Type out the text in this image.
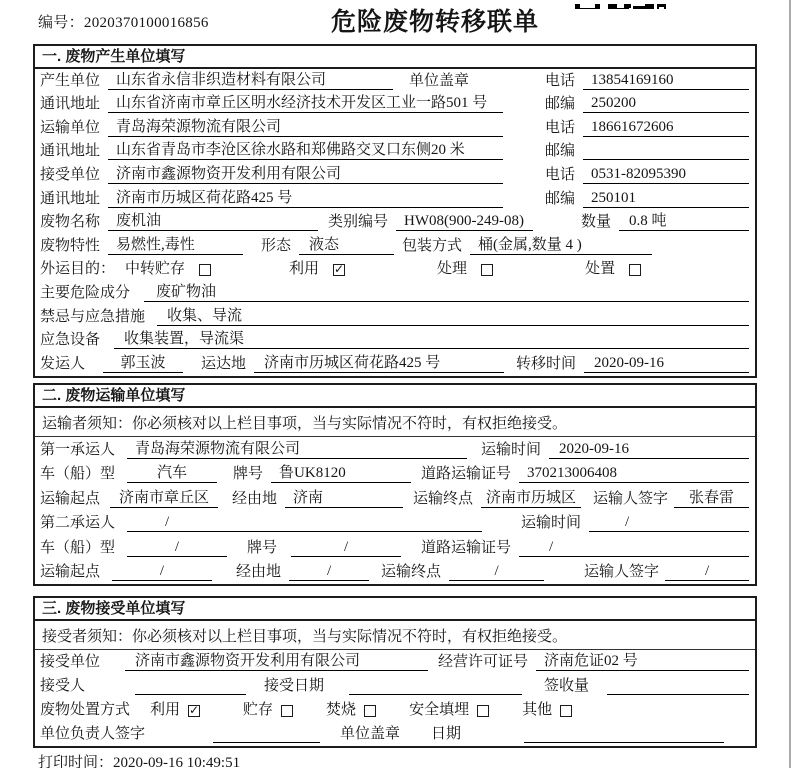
编号：2020370100016856	危险废物转移联单
一. 废物产生单位填写
产生单位	山东省永信非织造材料有限公司	单位盖章	电话	13854169160
通讯地址	山东省济南市章丘区明水经济技术开发区工业一路501 号	邮编	250200
运输单位	青岛海荣源物流有限公司	电话	18661672606
通讯地址	山东省青岛市李沧区徐水路和郑佛路交叉口东侧20 米	邮编
接受单位	济南市鑫源物资开发利用有限公司	电话	0531-82095390
通讯地址	济南市历城区荷花路425 号	邮编	250101
废物名称	废机油	类别编号	HW08(900-249-08)	数量	0.8 吨
废物特性	易燃性,毒性	形态	液态	包装方式	桶(金属,数量 4 )
外运目的： 中转贮存	利用 ✓	处理	处置
主要危险成分	废矿物油
禁忌与应急措施	收集、导流
应急设备	收集装置，导流渠
发运人	郭玉波	运达地	济南市历城区荷花路425 号	转移时间	2020-09-16
二. 废物运输单位填写
运输者须知：你必须核对以上栏目事项，当与实际情况不符时，有权拒绝接受。
第一承运人	青岛海荣源物流有限公司	运输时间	2020-09-16
车（船）型	汽车	牌号	鲁UK8120	道路运输证号	370213006408
运输起点	济南市章丘区	经由地	济南	运输终点 济南市历城区	运输人签字	张春雷
第二承运人	/	运输时间	/
车（船）型	/	牌号	/	道路运输证号	/
运输起点	/	经由地	/	运输终点	/	运输人签字	/
三. 废物接受单位填写
接受者须知：你必须核对以上栏目事项，当与实际情况不符时，有权拒绝接受。
接受单位	济南市鑫源物资开发利用有限公司	经营许可证号	济南危证02 号
接受人	接受日期	签收量
废物处置方式 利用 ✓	贮存	焚烧	安全填埋	其他
单位负责人签字	单位盖章 日期
打印时间：2020-09-16 10:49:51
